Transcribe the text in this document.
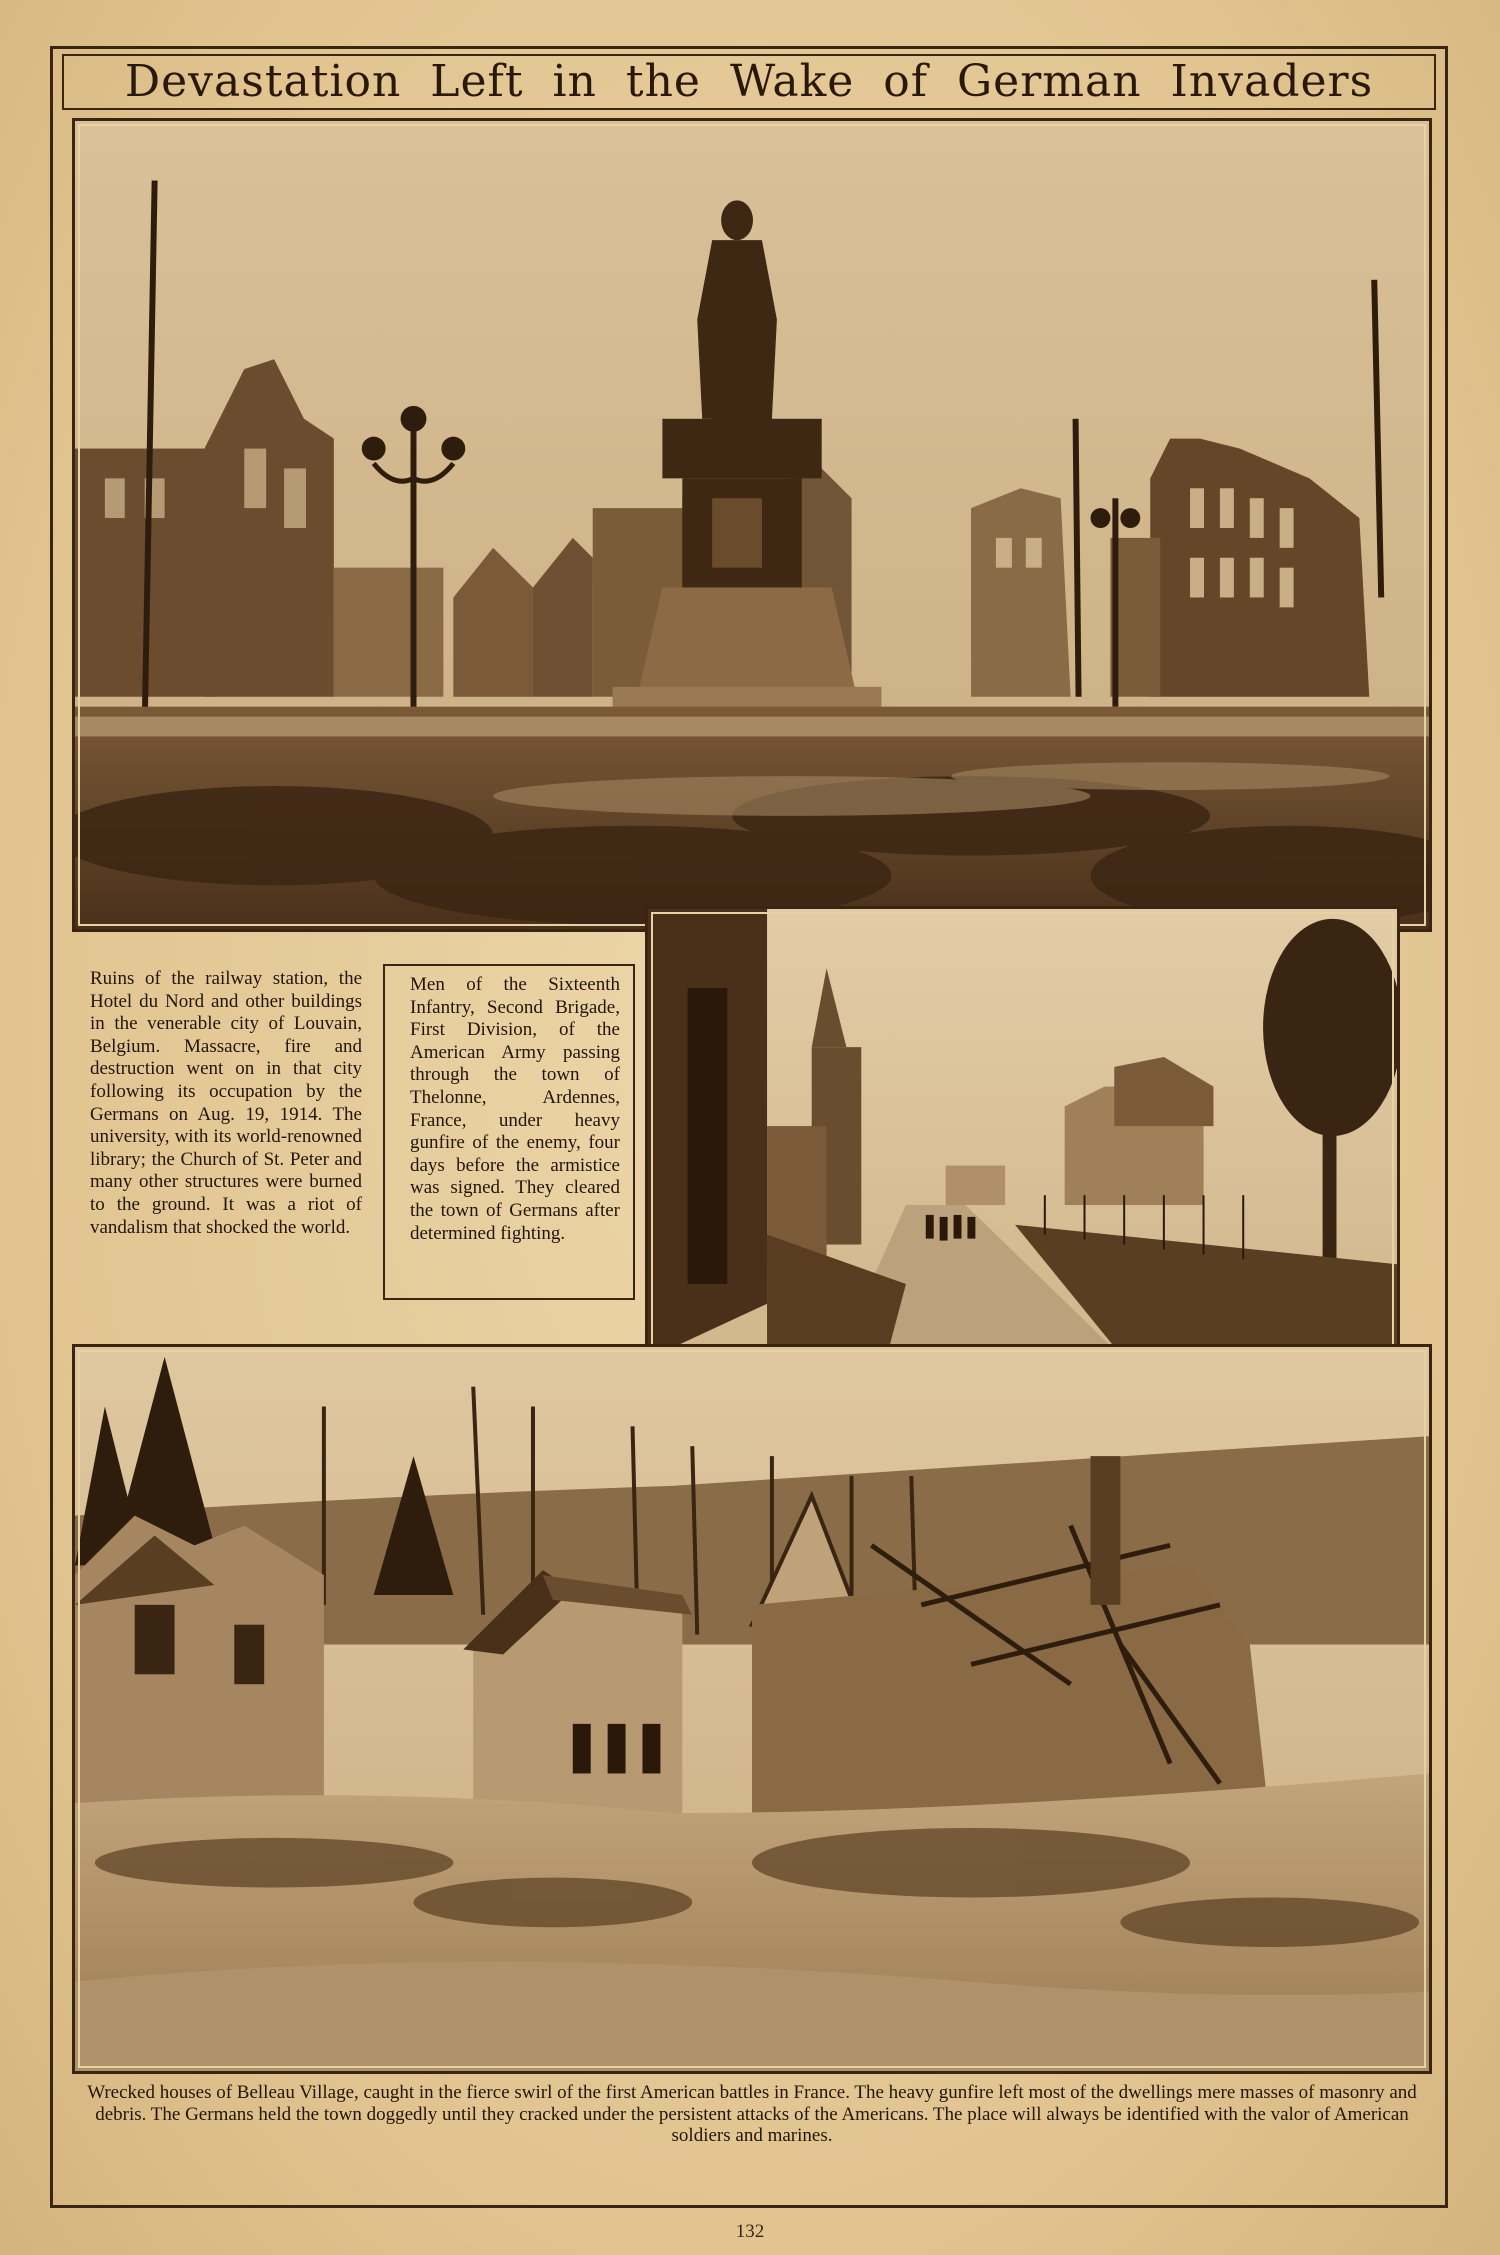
Devastation Left in the Wake of German Invaders
Ruins of the railway station, the Hotel du Nord and other buildings in the venerable city of Louvain, Belgium. Massacre, fire and destruction went on in that city following its occupation by the Germans on Aug. 19, 1914. The university, with its world-renowned library; the Church of St. Peter and many other structures were burned to the ground. It was a riot of vandalism that shocked the world.
Men of the Sixteenth Infantry, Second Brigade, First Division, of the American Army passing through the town of Thelonne, Ardennes, France, under heavy gunfire of the enemy, four days before the armistice was signed. They cleared the town of Germans after determined fighting.
Wrecked houses of Belleau Village, caught in the fierce swirl of the first American battles in France. The heavy gunfire left most of the dwellings mere masses of masonry and debris. The Germans held the town doggedly until they cracked under the persistent attacks of the Americans. The place will always be identified with the valor of American soldiers and marines.
132
